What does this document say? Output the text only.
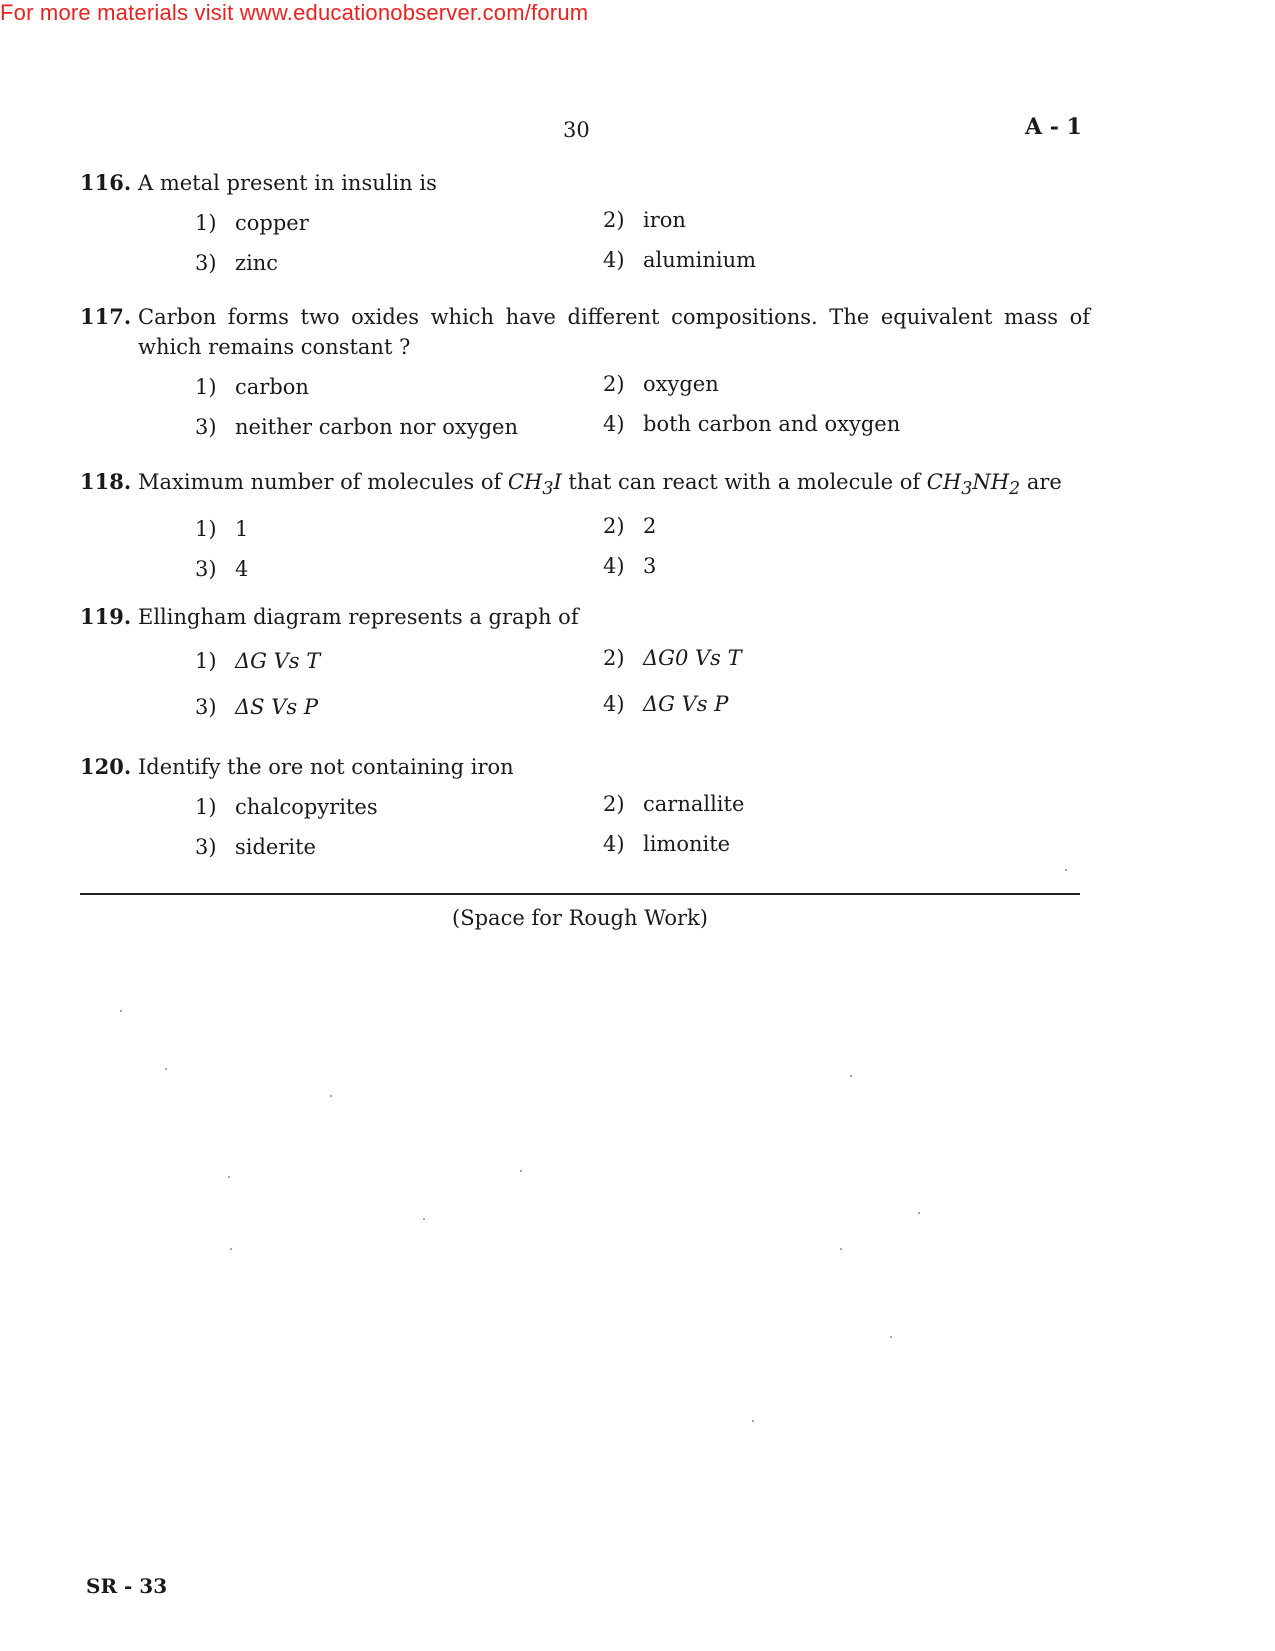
For more materials visit www.educationobserver.com/forum
30	A - 1
116. A metal present in insulin is
1) copper	2) iron
3) zinc	4) aluminium
117. Carbon forms two oxides which have different compositions. The equivalent mass of which remains constant ?
1) carbon	2) oxygen
3) neither carbon nor oxygen	4) both carbon and oxygen
118. Maximum number of molecules of $CH_3I$ that can react with a molecule of $CH_3NH_2$ are
1) 1	2) 2
3) 4	4) 3
119. Ellingham diagram represents a graph of
1) ΔG Vs T	2) ΔG0 Vs T
3) ΔS Vs P	4) ΔG Vs P
120. Identify the ore not containing iron
1) chalcopyrites	2) carnallite
3) siderite	4) limonite
(Space for Rough Work)
SR - 33
